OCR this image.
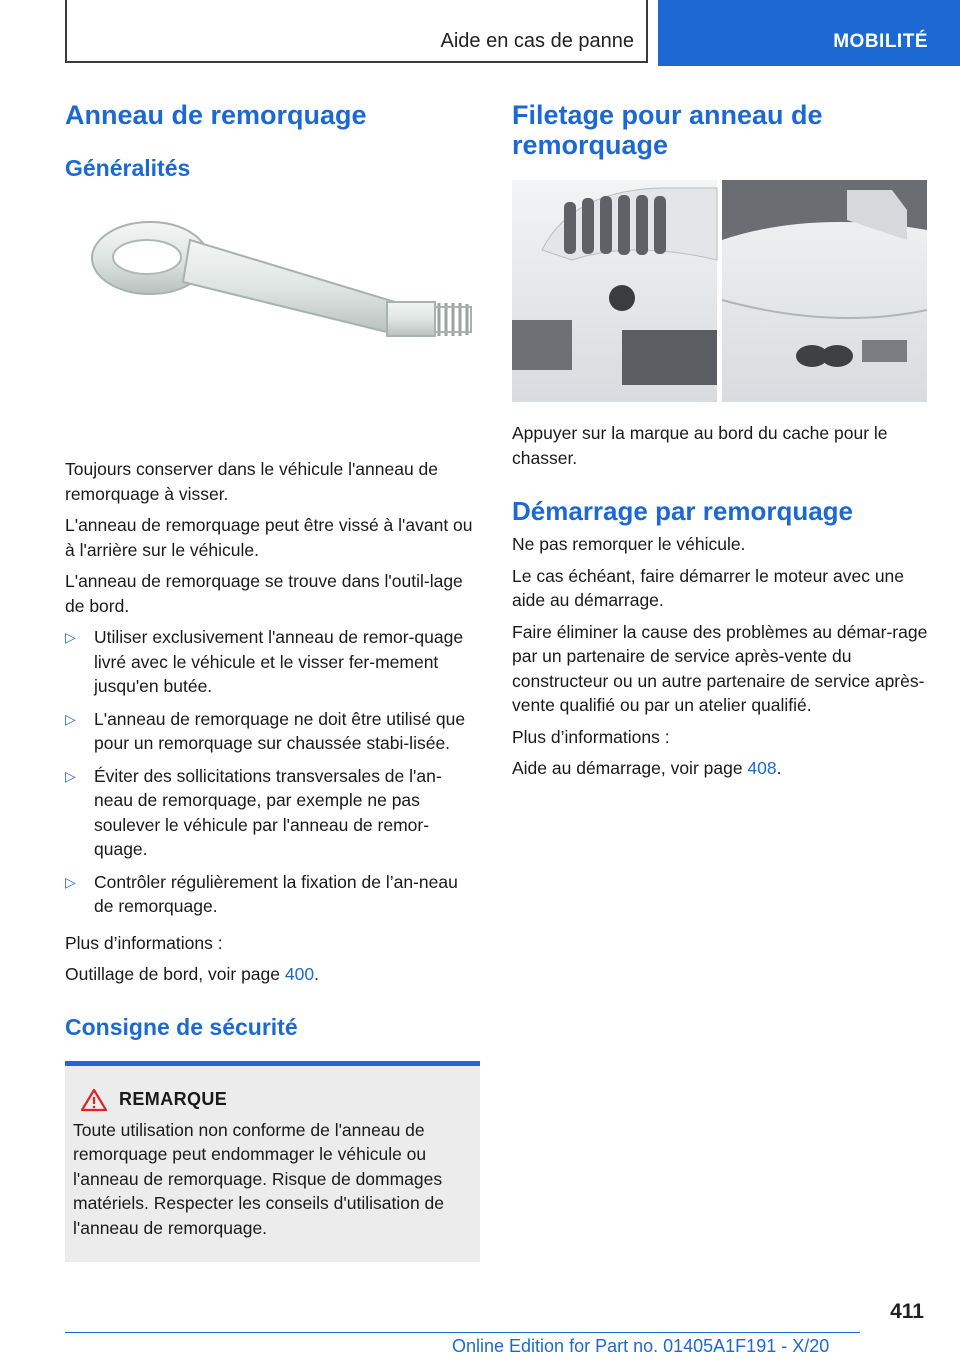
Aide en cas de panne	MOBILITÉ
Anneau de remorquage
Généralités

Toujours conserver dans le véhicule l'anneau de remorquage à visser.

L'anneau de remorquage peut être vissé à l'avant ou à l'arrière sur le véhicule.

L'anneau de remorquage se trouve dans l'outil-lage de bord.

▷ Utiliser exclusivement l'anneau de remor-quage livré avec le véhicule et le visser fer-mement jusqu'en butée.
▷ L'anneau de remorquage ne doit être utilisé que pour un remorquage sur chaussée stabi-lisée.
▷ Éviter des sollicitations transversales de l'an-neau de remorquage, par exemple ne pas soulever le véhicule par l'anneau de remor-quage.
▷ Contrôler régulièrement la fixation de l’an-neau de remorquage.

Plus d’informations :

Outillage de bord, voir page 400.

Consigne de sécurité
REMARQUE

Toute utilisation non conforme de l'anneau de remorquage peut endommager le véhicule ou l'anneau de remorquage. Risque de dommages matériels. Respecter les conseils d'utilisation de l'anneau de remorquage.

Filetage pour anneau de remorquage

Appuyer sur la marque au bord du cache pour le chasser.

Démarrage par remorquage

Ne pas remorquer le véhicule.

Le cas échéant, faire démarrer le moteur avec une aide au démarrage.

Faire éliminer la cause des problèmes au démar-rage par un partenaire de service après-vente du constructeur ou un autre partenaire de service après-vente qualifié ou par un atelier qualifié.

Plus d’informations :

Aide au démarrage, voir page 408.

411
Online Edition for Part no. 01405A1F191 - X/20
